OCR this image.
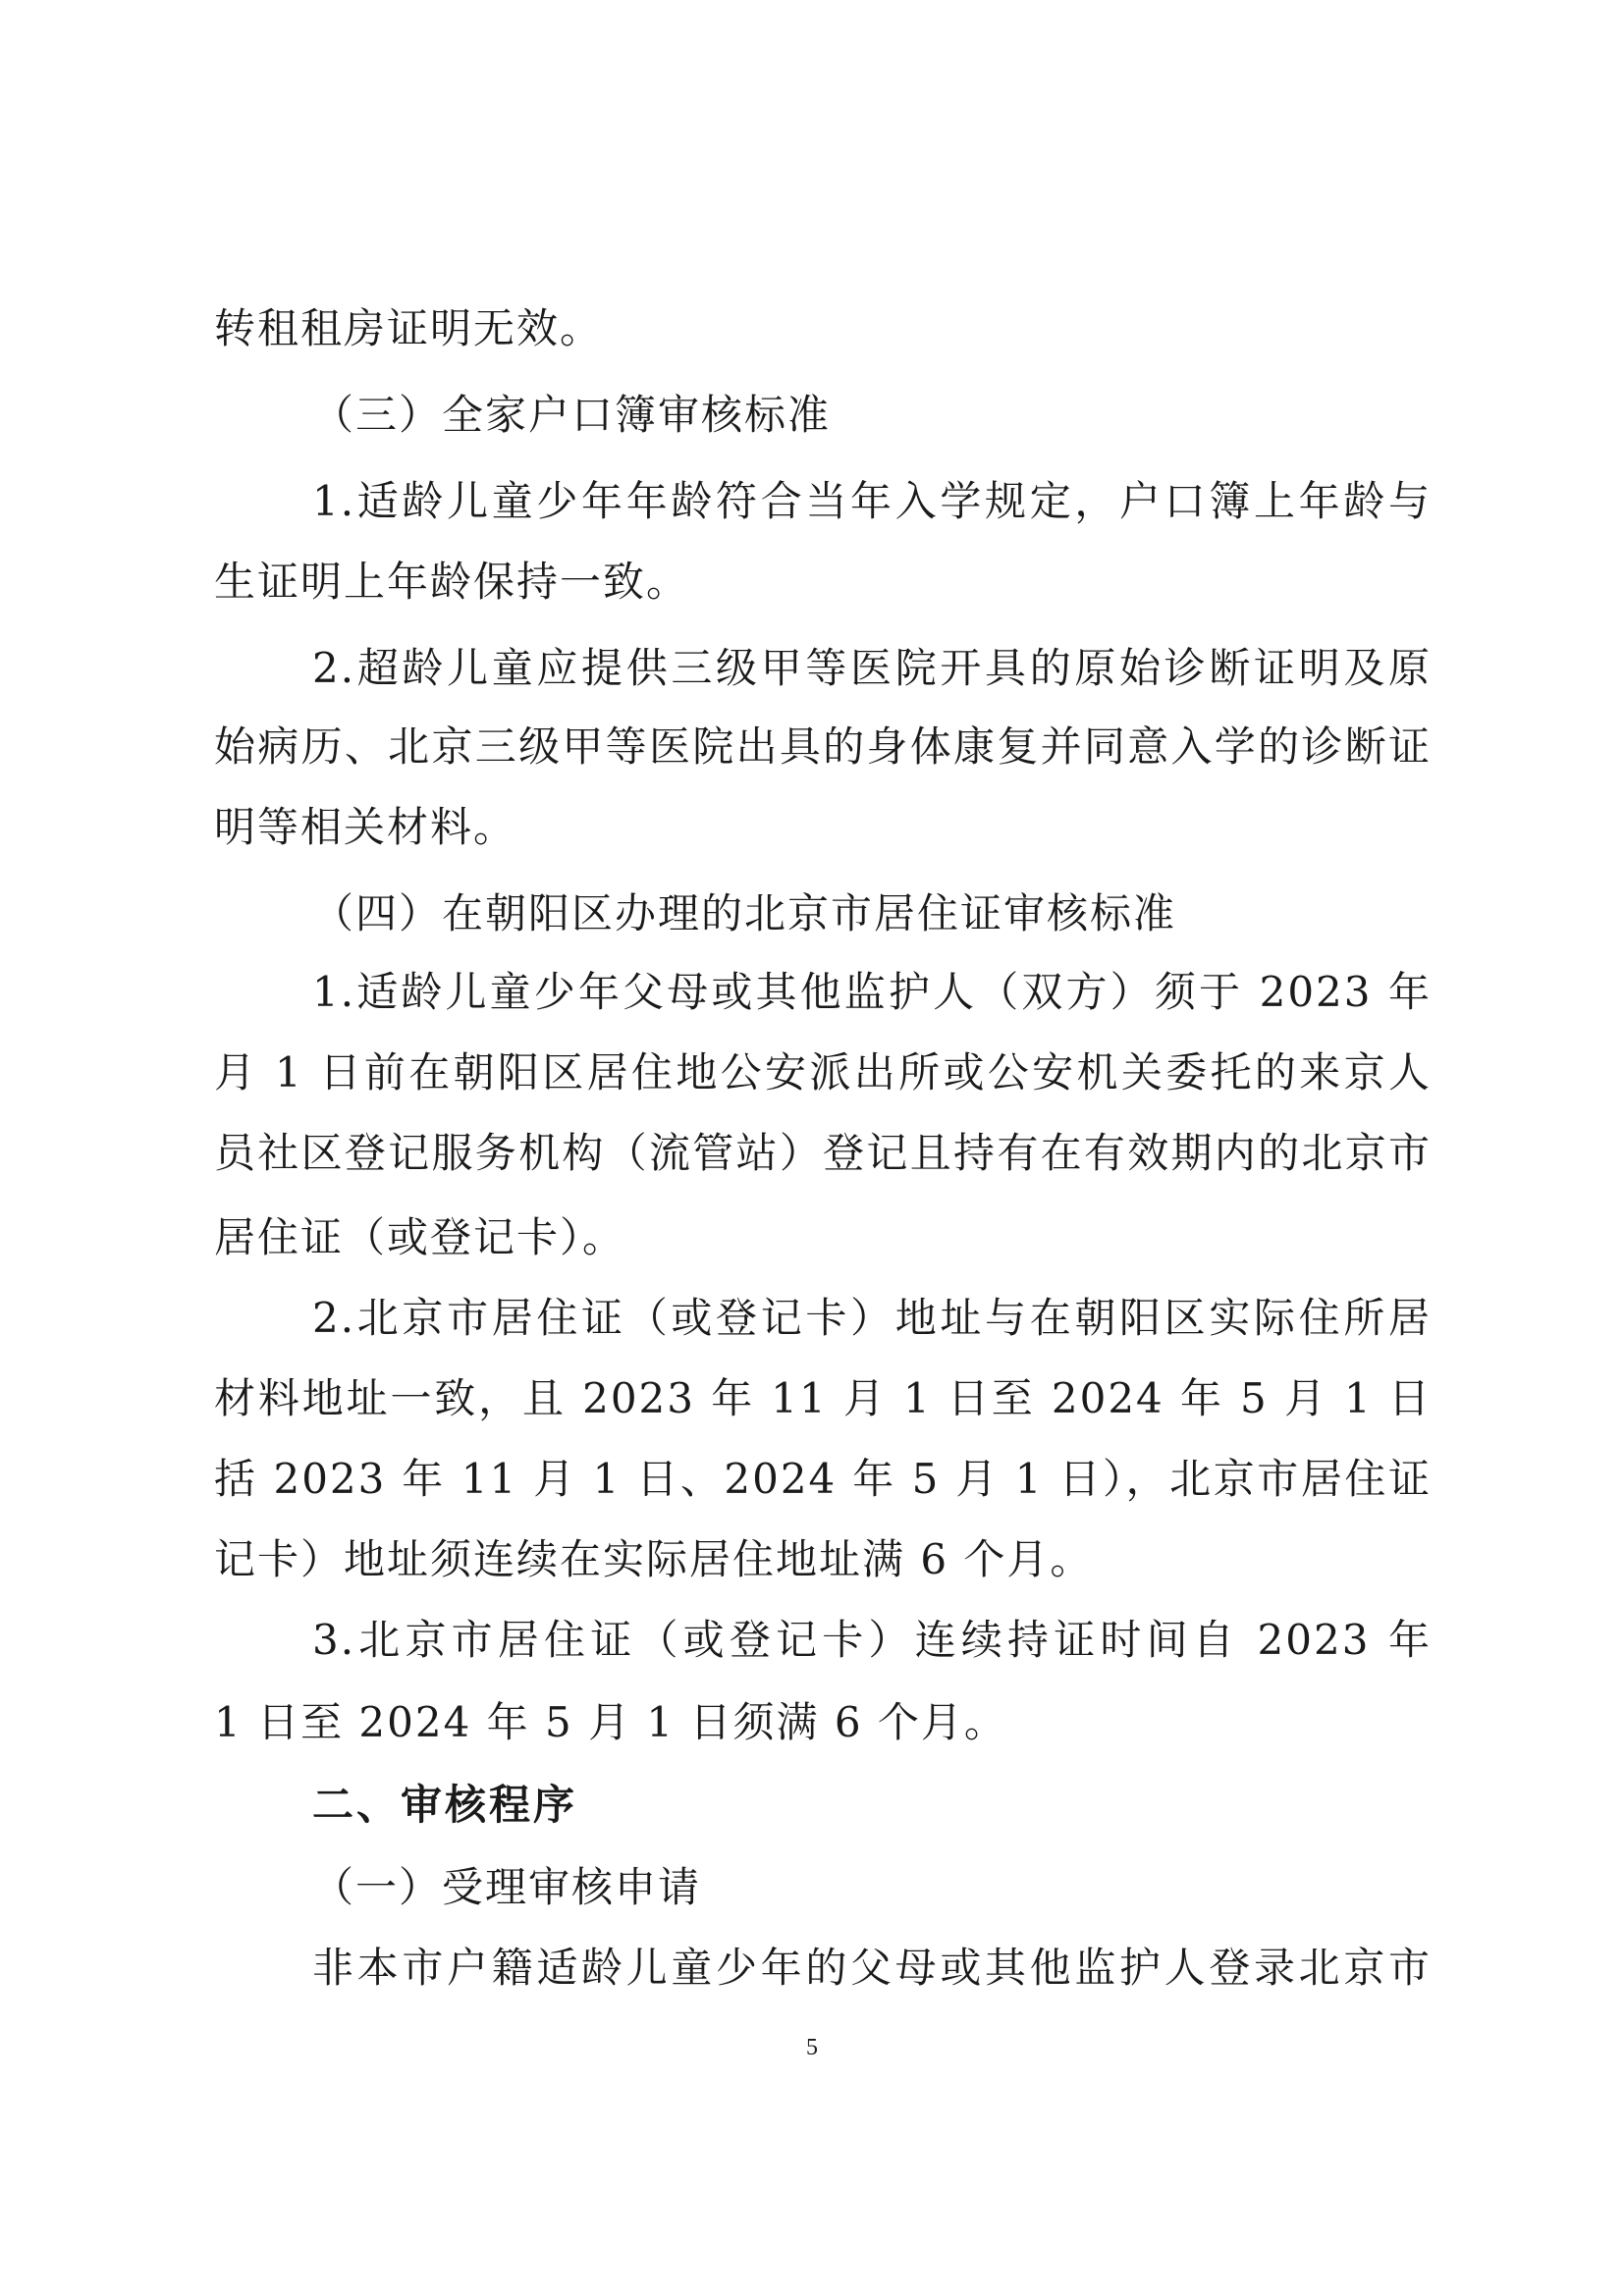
转租租房证明无效。
（三）全家户口簿审核标准
1.适龄儿童少年年龄符合当年入学规定，户口簿上年龄与
生证明上年龄保持一致。
2.超龄儿童应提供三级甲等医院开具的原始诊断证明及原
始病历、北京三级甲等医院出具的身体康复并同意入学的诊断证
明等相关材料。
（四）在朝阳区办理的北京市居住证审核标准
1.适龄儿童少年父母或其他监护人（双方）须于 2023 年
月 1 日前在朝阳区居住地公安派出所或公安机关委托的来京人
员社区登记服务机构（流管站）登记且持有在有效期内的北京市
居住证（或登记卡）。
2.北京市居住证（或登记卡）地址与在朝阳区实际住所居
材料地址一致，且 2023 年 11 月 1 日至 2024 年 5 月 1 日
括 2023 年 11 月 1 日、2024 年 5 月 1 日），北京市居住证
记卡）地址须连续在实际居住地址满 6 个月。
3.北京市居住证（或登记卡）连续持证时间自 2023 年
1 日至 2024 年 5 月 1 日须满 6 个月。
二、审核程序
（一）受理审核申请
非本市户籍适龄儿童少年的父母或其他监护人登录北京市
5
